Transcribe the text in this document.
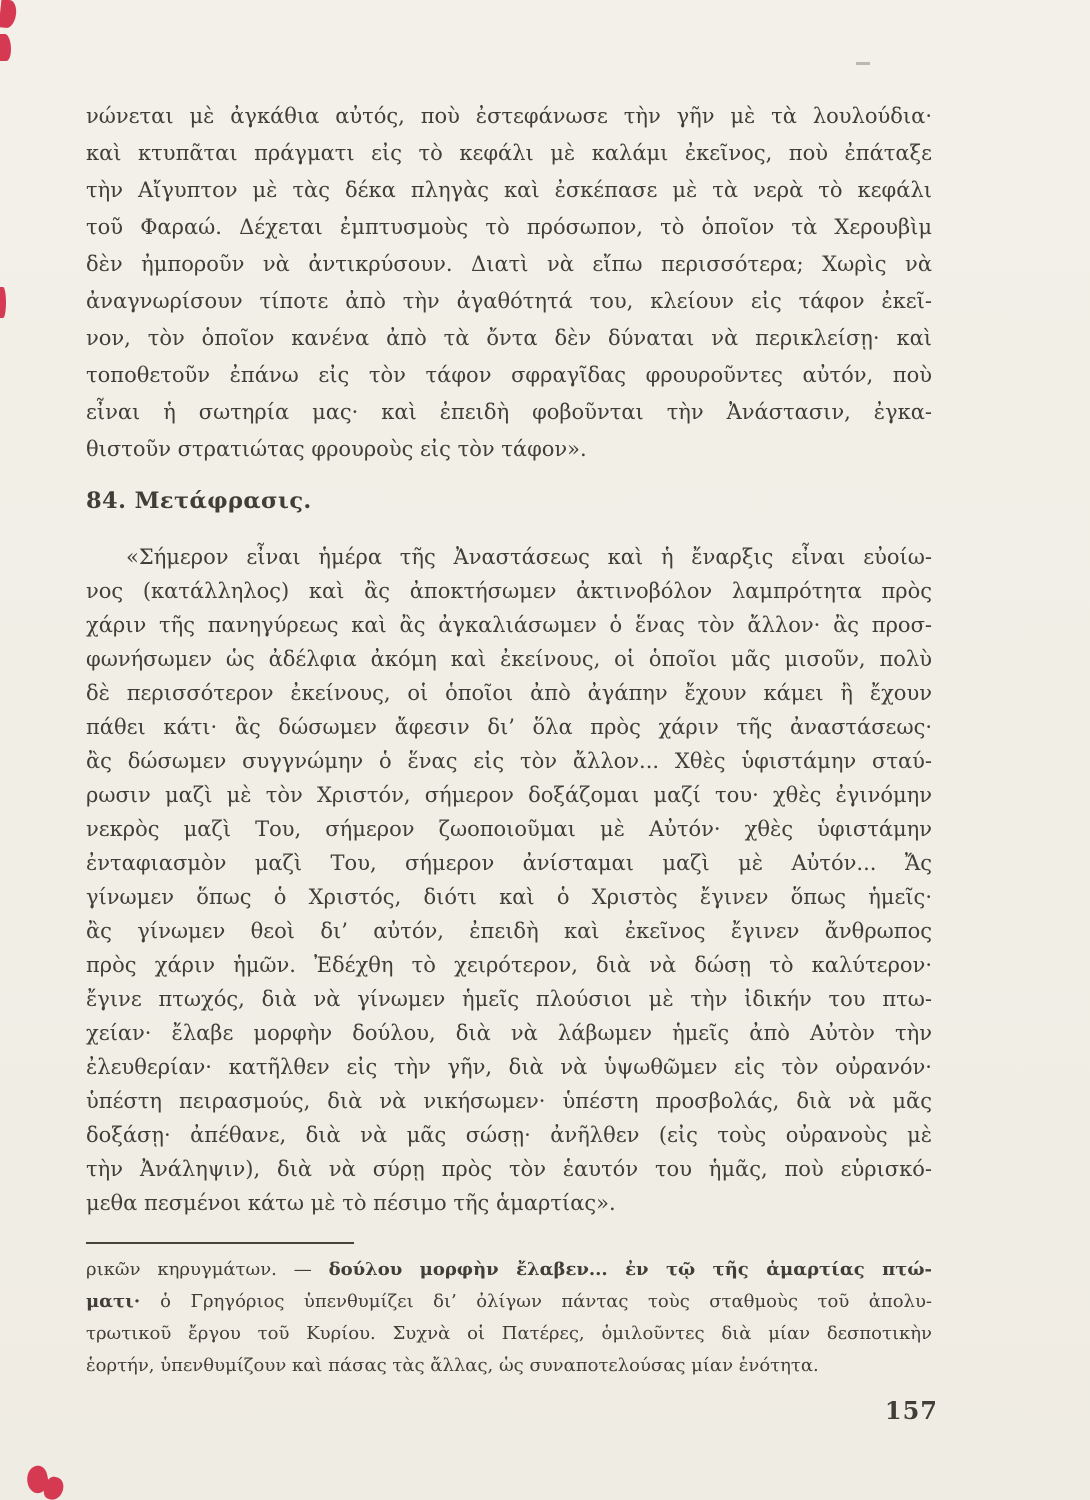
νώνεται μὲ ἀγκάθια αὐτός, ποὺ ἐστεφάνωσε τὴν γῆν μὲ τὰ λουλούδια·
καὶ κτυπᾶται πράγματι εἰς τὸ κεφάλι μὲ καλάμι ἐκεῖνος, ποὺ ἐπάταξε
τὴν Αἴγυπτον μὲ τὰς δέκα πληγὰς καὶ ἐσκέπασε μὲ τὰ νερὰ τὸ κεφάλι
τοῦ Φαραώ. Δέχεται ἐμπτυσμοὺς τὸ πρόσωπον, τὸ ὁποῖον τὰ Χερουβὶμ
δὲν ἠμποροῦν νὰ ἀντικρύσουν. Διατὶ νὰ εἴπω περισσότερα; Χωρὶς νὰ
ἀναγνωρίσουν τίποτε ἀπὸ τὴν ἀγαθότητά του, κλείουν εἰς τάφον ἐκεῖ-
νον, τὸν ὁποῖον κανένα ἀπὸ τὰ ὄντα δὲν δύναται νὰ περικλείσῃ· καὶ
τοποθετοῦν ἐπάνω εἰς τὸν τάφον σφραγῖδας φρουροῦντες αὐτόν, ποὺ
εἶναι ἡ σωτηρία μας· καὶ ἐπειδὴ φοβοῦνται τὴν Ἀνάστασιν, ἐγκα-
θιστοῦν στρατιώτας φρουροὺς εἰς τὸν τάφον».
84. Μετάφρασις.
«Σήμερον εἶναι ἡμέρα τῆς Ἀναστάσεως καὶ ἡ ἔναρξις εἶναι εὐοίω-
νος (κατάλληλος) καὶ ἂς ἀποκτήσωμεν ἀκτινοβόλον λαμπρότητα πρὸς
χάριν τῆς πανηγύρεως καὶ ἂς ἀγκαλιάσωμεν ὁ ἕνας τὸν ἄλλον· ἂς προσ-
φωνήσωμεν ὡς ἀδέλφια ἀκόμη καὶ ἐκείνους, οἱ ὁποῖοι μᾶς μισοῦν, πολὺ
δὲ περισσότερον ἐκείνους, οἱ ὁποῖοι ἀπὸ ἀγάπην ἔχουν κάμει ἢ ἔχουν
πάθει κάτι· ἂς δώσωμεν ἄφεσιν δι’ ὅλα πρὸς χάριν τῆς ἀναστάσεως·
ἂς δώσωμεν συγγνώμην ὁ ἕνας εἰς τὸν ἄλλον... Χθὲς ὑφιστάμην σταύ-
ρωσιν μαζὶ μὲ τὸν Χριστόν, σήμερον δοξάζομαι μαζί του· χθὲς ἐγινόμην
νεκρὸς μαζὶ Του, σήμερον ζωοποιοῦμαι μὲ Αὐτόν· χθὲς ὑφιστάμην
ἐνταφιασμὸν μαζὶ Του, σήμερον ἀνίσταμαι μαζὶ μὲ Αὐτόν... Ἄς
γίνωμεν ὅπως ὁ Χριστός, διότι καὶ ὁ Χριστὸς ἔγινεν ὅπως ἡμεῖς·
ἂς γίνωμεν θεοὶ δι’ αὐτόν, ἐπειδὴ καὶ ἐκεῖνος ἔγινεν ἄνθρωπος
πρὸς χάριν ἡμῶν. Ἐδέχθη τὸ χειρότερον, διὰ νὰ δώσῃ τὸ καλύτερον·
ἔγινε πτωχός, διὰ νὰ γίνωμεν ἡμεῖς πλούσιοι μὲ τὴν ἰδικήν του πτω-
χείαν· ἔλαβε μορφὴν δούλου, διὰ νὰ λάβωμεν ἡμεῖς ἀπὸ Αὐτὸν τὴν
ἐλευθερίαν· κατῆλθεν εἰς τὴν γῆν, διὰ νὰ ὑψωθῶμεν εἰς τὸν οὐρανόν·
ὑπέστη πειρασμούς, διὰ νὰ νικήσωμεν· ὑπέστη προσβολάς, διὰ νὰ μᾶς
δοξάσῃ· ἀπέθανε, διὰ νὰ μᾶς σώσῃ· ἀνῆλθεν (εἰς τοὺς οὐρανοὺς μὲ
τὴν Ἀνάληψιν), διὰ νὰ σύρῃ πρὸς τὸν ἑαυτόν του ἡμᾶς, ποὺ εὑρισκό-
μεθα πεσμένοι κάτω μὲ τὸ πέσιμο τῆς ἁμαρτίας».
ρικῶν κηρυγμάτων. — δούλου μορφὴν ἔλαβεν... ἐν τῷ τῆς ἁμαρτίας πτώ-
ματι· ὁ Γρηγόριος ὑπενθυμίζει δι’ ὀλίγων πάντας τοὺς σταθμοὺς τοῦ ἀπολυ-
τρωτικοῦ ἔργου τοῦ Κυρίου. Συχνὰ οἱ Πατέρες, ὁμιλοῦντες διὰ μίαν δεσποτικὴν
ἑορτήν, ὑπενθυμίζουν καὶ πάσας τὰς ἄλλας, ὡς συναποτελούσας μίαν ἑνότητα.
157
